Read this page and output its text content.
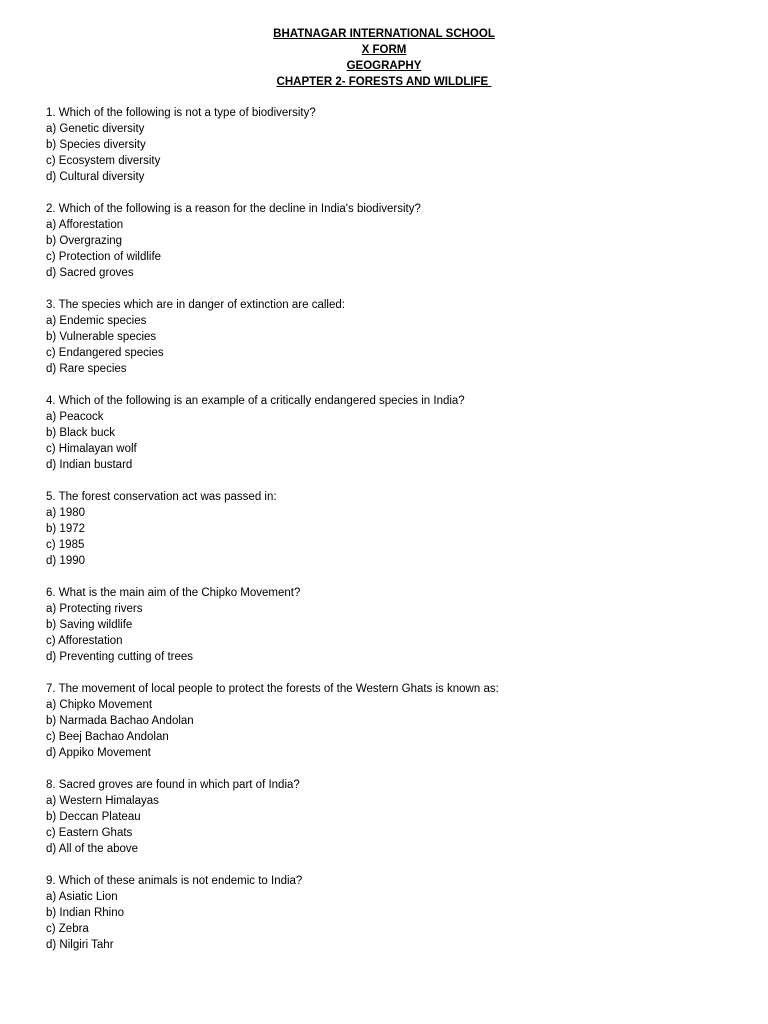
BHATNAGAR INTERNATIONAL SCHOOL
X FORM
GEOGRAPHY
CHAPTER 2- FORESTS AND WILDLIFE
1. Which of the following is not a type of biodiversity?
a) Genetic diversity
b) Species diversity
c) Ecosystem diversity
d) Cultural diversity
2. Which of the following is a reason for the decline in India's biodiversity?
a) Afforestation
b) Overgrazing
c) Protection of wildlife
d) Sacred groves
3. The species which are in danger of extinction are called:
a) Endemic species
b) Vulnerable species
c) Endangered species
d) Rare species
4. Which of the following is an example of a critically endangered species in India?
a) Peacock
b) Black buck
c) Himalayan wolf
d) Indian bustard
5. The forest conservation act was passed in:
a) 1980
b) 1972
c) 1985
d) 1990
6. What is the main aim of the Chipko Movement?
a) Protecting rivers
b) Saving wildlife
c) Afforestation
d) Preventing cutting of trees
7. The movement of local people to protect the forests of the Western Ghats is known as:
a) Chipko Movement
b) Narmada Bachao Andolan
c) Beej Bachao Andolan
d) Appiko Movement
8. Sacred groves are found in which part of India?
a) Western Himalayas
b) Deccan Plateau
c) Eastern Ghats
d) All of the above
9. Which of these animals is not endemic to India?
a) Asiatic Lion
b) Indian Rhino
c) Zebra
d) Nilgiri Tahr
